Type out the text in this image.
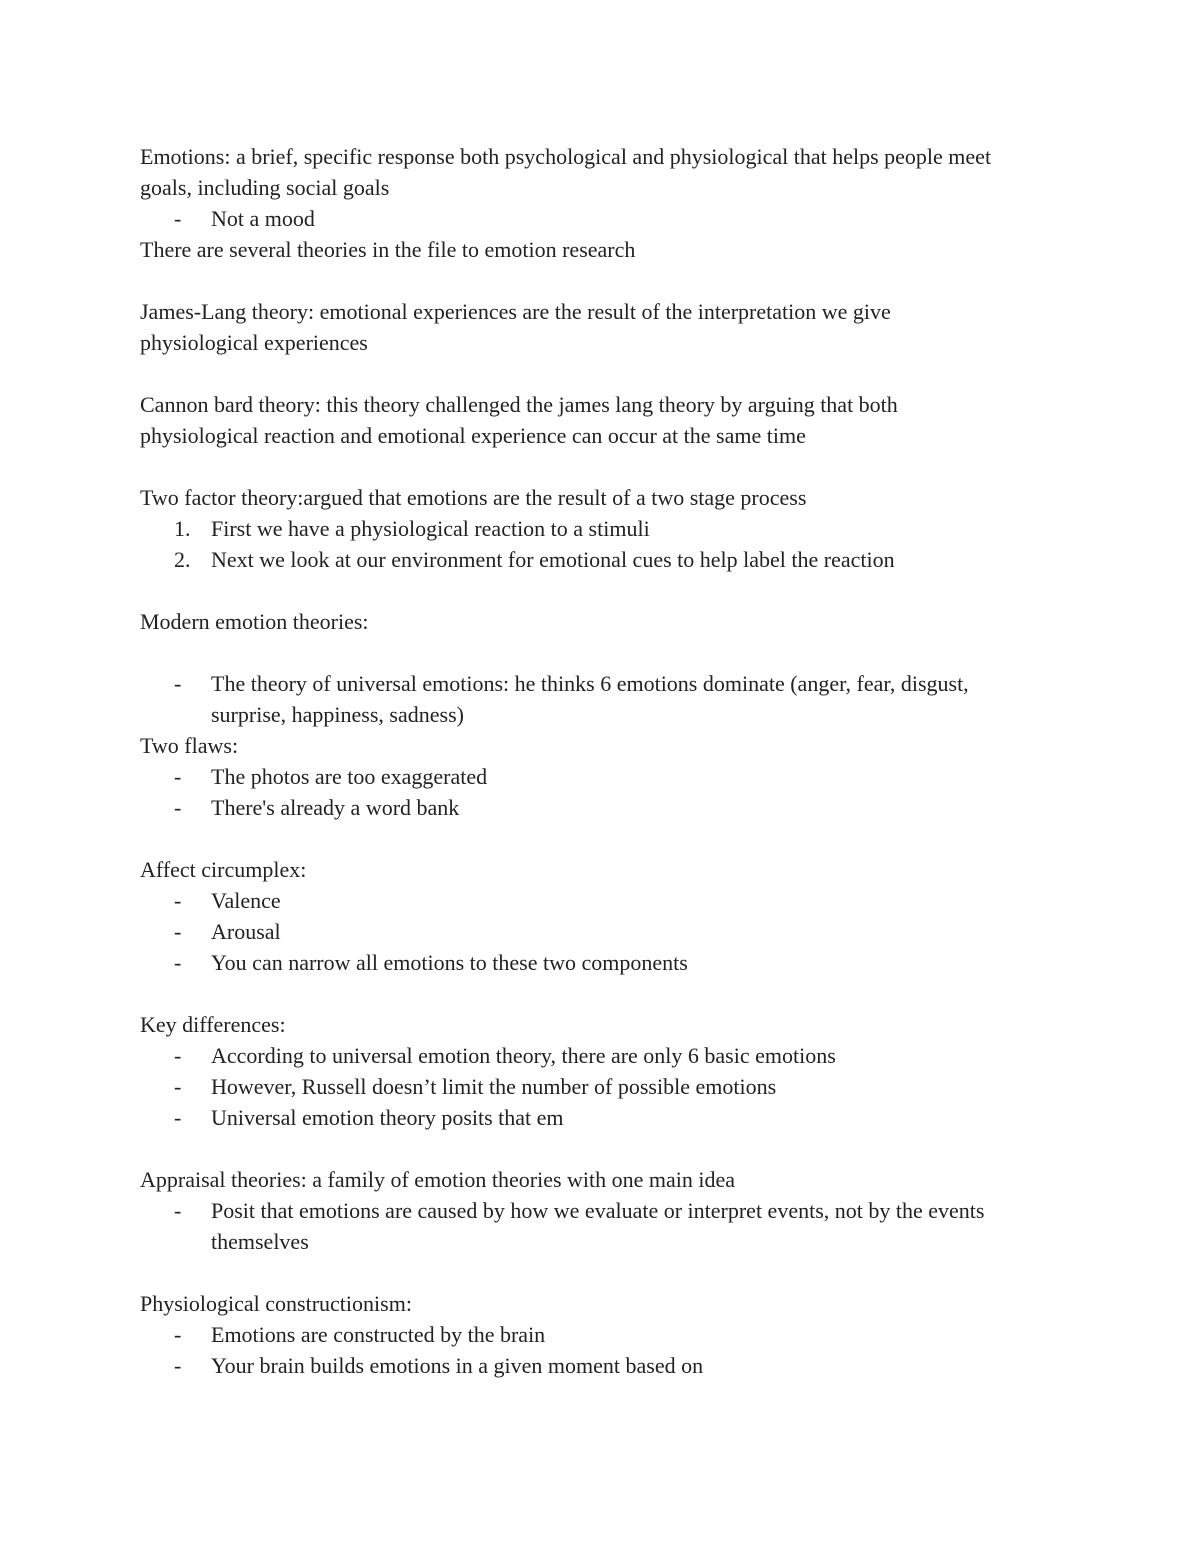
Emotions: a brief, specific response both psychological and physiological that helps people meet
goals, including social goals
- Not a mood
There are several theories in the file to emotion research
James-Lang theory: emotional experiences are the result of the interpretation we give
physiological experiences
Cannon bard theory: this theory challenged the james lang theory by arguing that both
physiological reaction and emotional experience can occur at the same time
Two factor theory:argued that emotions are the result of a two stage process
1. First we have a physiological reaction to a stimuli
2. Next we look at our environment for emotional cues to help label the reaction
Modern emotion theories:
- The theory of universal emotions: he thinks 6 emotions dominate (anger, fear, disgust,
surprise, happiness, sadness)
Two flaws:
- The photos are too exaggerated
- There's already a word bank
Affect circumplex:
- Valence
- Arousal
- You can narrow all emotions to these two components
Key differences:
- According to universal emotion theory, there are only 6 basic emotions
- However, Russell doesn’t limit the number of possible emotions
- Universal emotion theory posits that em
Appraisal theories: a family of emotion theories with one main idea
- Posit that emotions are caused by how we evaluate or interpret events, not by the events
themselves
Physiological constructionism:
- Emotions are constructed by the brain
- Your brain builds emotions in a given moment based on
